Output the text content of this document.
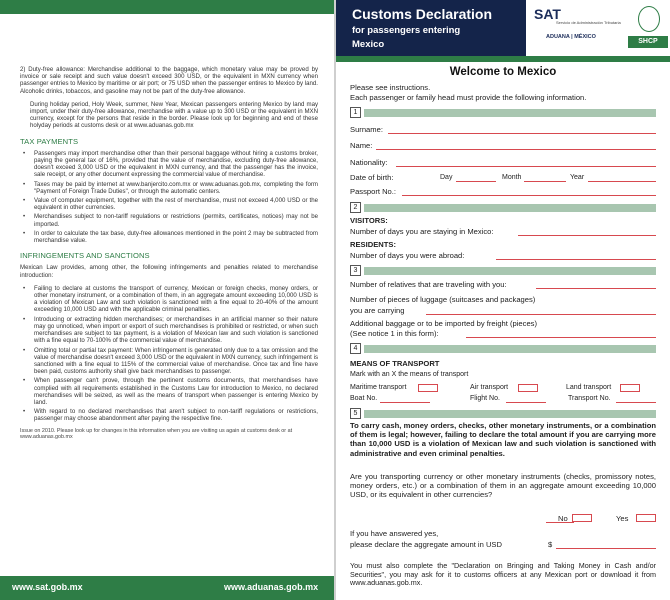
2) Duty-free allowance: Merchandise additional to the baggage, which monetary value may be proved by invoice or sale receipt and such value doesn't exceed 300 USD, or the equivalent in MXN currency when passenger entries to Mexico by maritime or air port; or 75 USD when the passenger entires to Mexico by land. Alcoholic drinks, tobaccos, and gasoline may not be part of the duty-free allowance.

During holiday period, Holy Week, summer, New Year, Mexican passengers entering Mexico by land may import, under their duty-free allowance, merchandise with a value up to 300 USD or the equivalent in MXN currency, except for the persons that reside in the border. Please look up for beginning and end of these holyday periods at customs desk or at www.aduanas.gob.mx

TAX PAYMENTS
• Passengers may import merchandise other than their personal baggage without hiring a customs broker, paying the general tax of 16%, provided that the value of merchandise, excluding duty-free allowance, doesn't exceed 3,000 USD or the equivalent in MXN currency, and that the passenger has the invoice, sale receipt, or any other document expressing the commercial value of merchandise.
• Taxes may be paid by internet at www.banjercito.com.mx or www.aduanas.gob.mx, completing the form "Payment of Foreign Trade Duties", or through the automatic centers.
• Value of computer equipment, together with the rest of merchandise, must not exceed 4,000 USD or the equivalent in other currencies.
• Merchandises subject to non-tariff regulations or restrictions (permits, certificates, notices) may not be imported.
• In order to calculate the tax base, duty-free allowances mentioned in the point 2 may be subtracted from merchandise value.
INFRINGEMENTS AND SANCTIONS

Mexican Law provides, among other, the following infringements and penalties related to merchandise introduction:

• Failing to declare at customs the transport of currency, Mexican or foreign checks, money orders, or other monetary instrument, or a combination of them, in an aggregate amount exceeding 10,000 USD is a violation of Mexican Law and such violation is sanctioned with a fine equal to 20-40% of the amount exceeding 10,000 USD and with the applicable criminal penalties.
• Introducing or extracting hidden merchandises; or merchandises in an artificial manner so their nature may go unnoticed, when import or export of such merchandises is prohibited or restricted, or when such merchandises are subject to tax payment, is a violation of Mexican law and such violation is sanctioned with a fine equal to 70-100% of the commercial value of merchandise.
• Omitting total or partial tax payment: When infringement is generated only due to a tax omission and the value of merchandise doesn't exceed 3,000 USD or the equivalent in MXN currency, such infringement is sanctioned with a fine equal to 115% of the commercial value of merchandise. Once tax and fine have been paid, customs authority shall give back merchandises to passenger.
• When passenger can't prove, through the pertinent customs documents, that merchandises have complied with all requirements established in the Customs Law for introduction to Mexico, no declared merchandises will be seized, as well as the means of transport when passenger is entering Mexico by land.
• With regard to no declared merchandises that aren't subject to non-tariff regulations or restrictions, passenger may choose abandonment after paying the respective fine.
Issue on 2010. Please look up for changes in this information when you are visiting us again at customs desk or at www.aduanas.gob.mx
www.sat.gob.mx
Customs Declaration
for passengers entering
Mexico
SAT
Servicio de Administración Tributaria
ADUANA | MÉXICO
SHCP
Welcome to Mexico
Please see instructions.
Each passenger or family head must provide the following information.
1
Surname:
Name:
Nationality:
Date of birth:	Day	Month	Year
Passport No.:
2
VISITORS:
Number of days you are staying in Mexico:
RESIDENTS:
Number of days you were abroad:
3
Number of relatives that are traveling with you:
Number of pieces of luggage (suitcases and packages)
you are carrying
Additional baggage or to be imported by freight (pieces)
(See notice 1 in this form):
4
MEANS OF TRANSPORT
Mark with an X the means of transport
Maritime transport	Air transport	Land transport
Boat No.	Flight No.	Transport No.
5
To carry cash, money orders, checks, other monetary instruments, or a combination of them is legal; however, failing to declare the total amount if you are carrying more than 10,000 USD is a violation of Mexican law and such violation is sanctioned with administrative and even criminal penalties.
Are you transporting currency or other monetary instruments (checks, promissory notes, money orders, etc.) or a combination of them in an aggregate amount exceeding 10,000 USD, or its equivalent in other currencies?
No	Yes
If you have answered yes,
please declare the aggregate amount in USD	$
You must also complete the "Declaration on Bringing and Taking Money in Cash and/or Securities", you may ask for it to customs officers at any Mexican port or download it from www.aduanas.gob.mx.
www.aduanas.gob.mx
